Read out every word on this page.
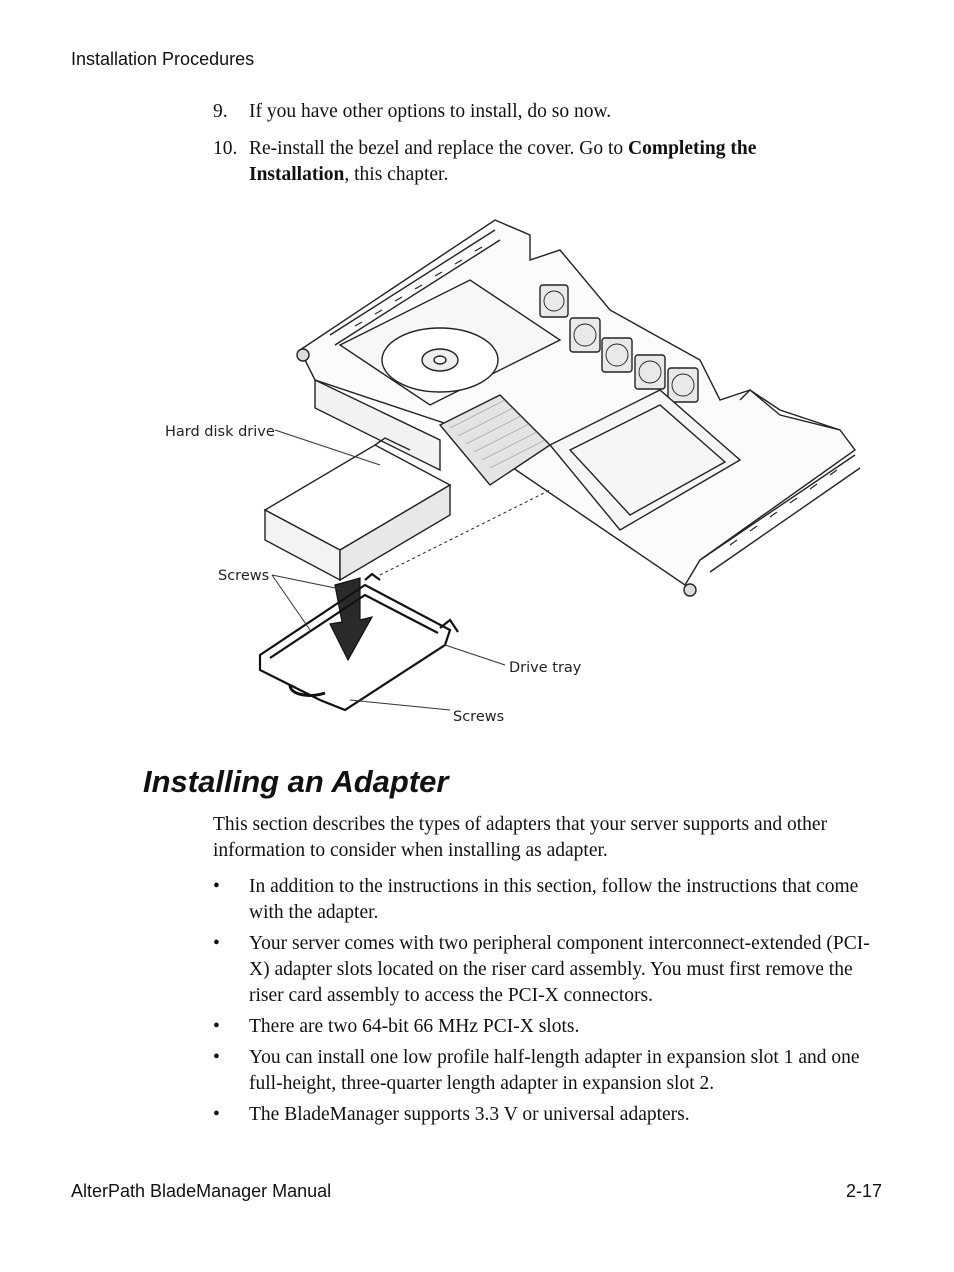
Installation Procedures
9.	If you have other options to install, do so now.
10. Re-install the bezel and replace the cover. Go to Completing the Installation, this chapter.
Hard disk drive
Screws
Drive tray
Screws
Installing an Adapter

This section describes the types of adapters that your server supports and other information to consider when installing as adapter.

•	In addition to the instructions in this section, follow the instructions that come with the adapter.
•	Your server comes with two peripheral component interconnect-extended (PCI-X) adapter slots located on the riser card assembly. You must first remove the riser card assembly to access the PCI-X connectors.
•	There are two 64-bit 66 MHz PCI-X slots.
•	You can install one low profile half-length adapter in expansion slot 1 and one full-height, three-quarter length adapter in expansion slot 2.
•	The BladeManager supports 3.3 V or universal adapters.
AlterPath BladeManager Manual	2-17
